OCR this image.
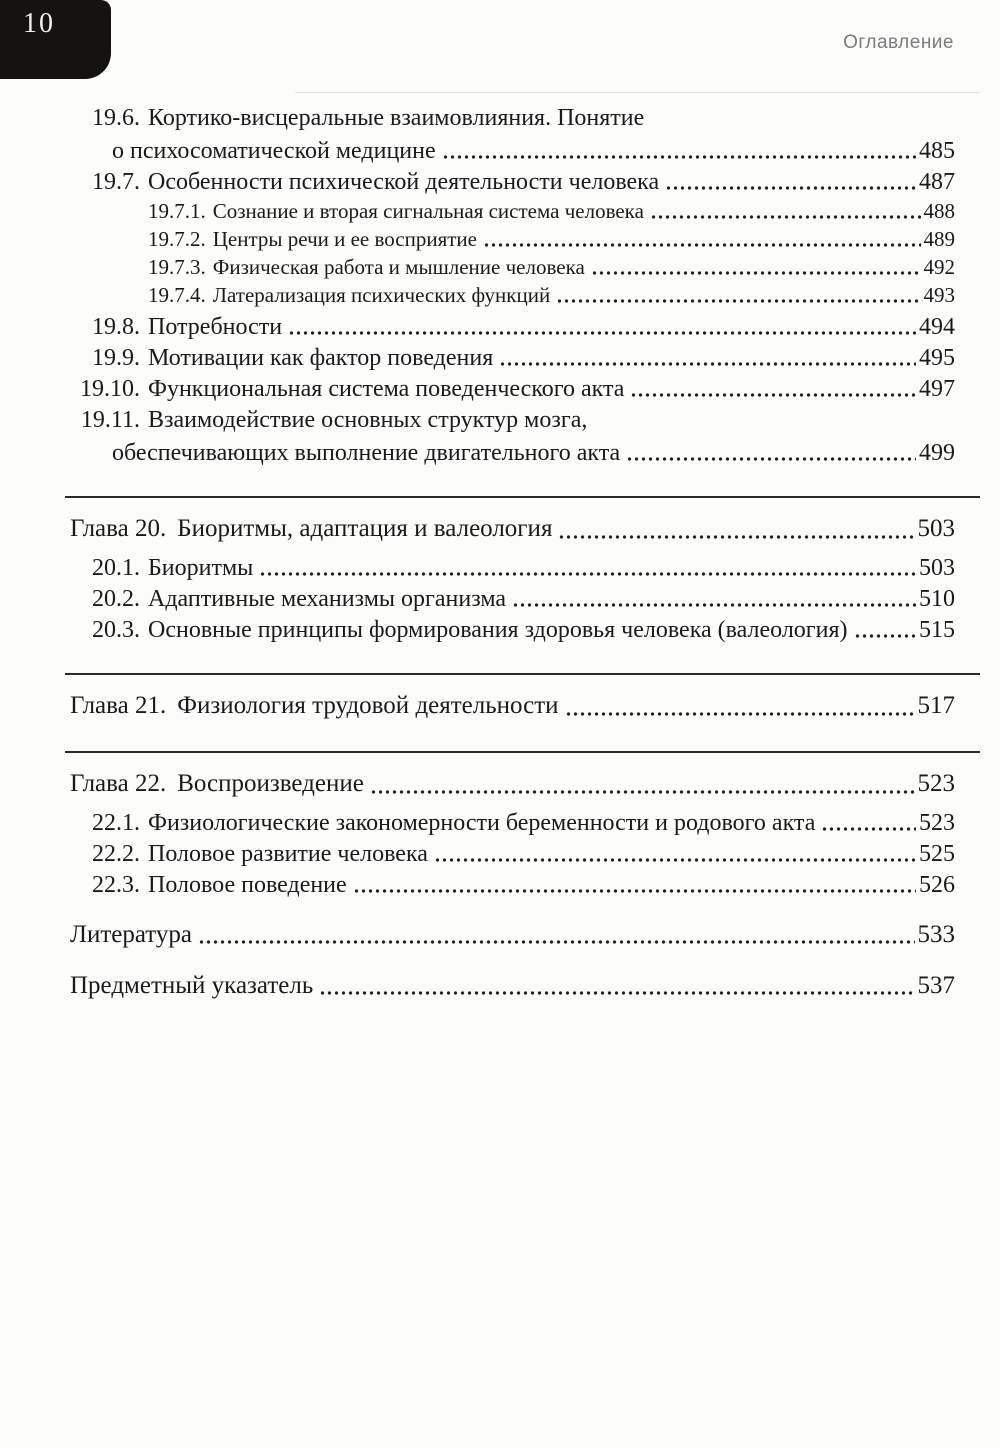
10
Оглавление
19.6. Кортико-висцеральные взаимовлияния. Понятие
о психосоматической медицине	485
19.7. Особенности психической деятельности человека	487
19.7.1. Сознание и вторая сигнальная система человека	488
19.7.2. Центры речи и ее восприятие	489
19.7.3. Физическая работа и мышление человека	492
19.7.4. Латерализация психических функций	493
19.8. Потребности	494
19.9. Мотивации как фактор поведения	495
19.10. Функциональная система поведенческого акта	497
19.11. Взаимодействие основных структур мозга,
обеспечивающих выполнение двигательного акта	499
Глава 20. Биоритмы, адаптация и валеология	503
20.1. Биоритмы	503
20.2. Адаптивные механизмы организма	510
20.3. Основные принципы формирования здоровья человека (валеология)	515
Глава 21. Физиология трудовой деятельности	517
Глава 22. Воспроизведение	523
22.1. Физиологические закономерности беременности и родового акта	523
22.2. Половое развитие человека	525
22.3. Половое поведение	526
Литература	533
Предметный указатель	537
